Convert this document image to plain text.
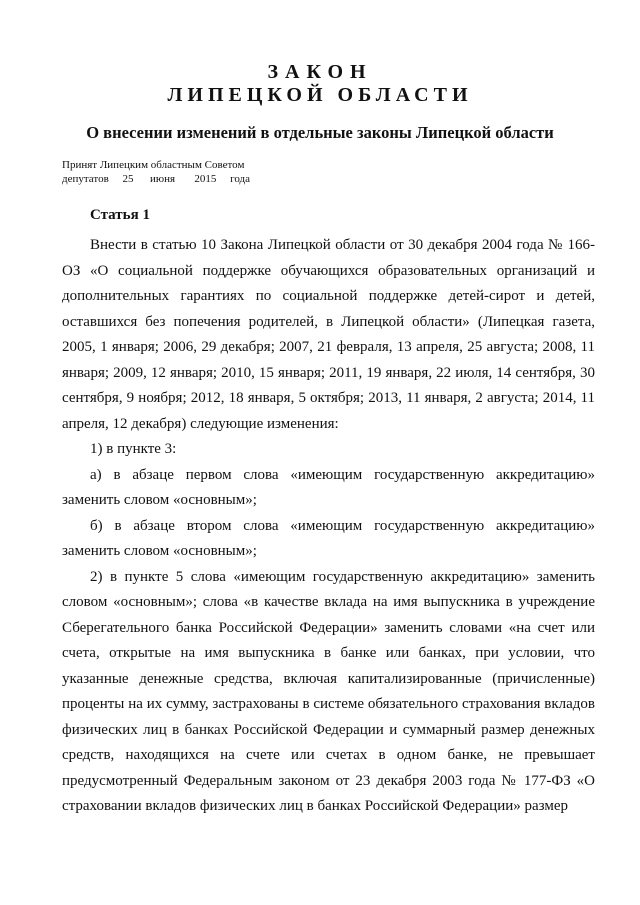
ЗАКОН
ЛИПЕЦКОЙ ОБЛАСТИ
О внесении изменений в отдельные законы Липецкой области
Принят Липецким областным Советом
депутатов 25 июня 2015 года
Статья 1

Внести в статью 10 Закона Липецкой области от 30 декабря 2004 года № 166-ОЗ «О социальной поддержке обучающихся образовательных организаций и дополнительных гарантиях по социальной поддержке детей-сирот и детей, оставшихся без попечения родителей, в Липецкой области» (Липецкая газета, 2005, 1 января; 2006, 29 декабря; 2007, 21 февраля, 13 апреля, 25 августа; 2008, 11 января; 2009, 12 января; 2010, 15 января; 2011, 19 января, 22 июля, 14 сентября, 30 сентября, 9 ноября; 2012, 18 января, 5 октября; 2013, 11 января, 2 августа; 2014, 11 апреля, 12 декабря) следующие изменения:

1) в пункте 3:

а) в абзаце первом слова «имеющим государственную аккредитацию» заменить словом «основным»;

б) в абзаце втором слова «имеющим государственную аккредитацию» заменить словом «основным»;

2) в пункте 5 слова «имеющим государственную аккредитацию» заменить словом «основным»; слова «в качестве вклада на имя выпускника в учреждение Сберегательного банка Российской Федерации» заменить словами «на счет или счета, открытые на имя выпускника в банке или банках, при условии, что указанные денежные средства, включая капитализированные (причисленные) проценты на их сумму, застрахованы в системе обязательного страхования вкладов физических лиц в банках Российской Федерации и суммарный размер денежных средств, находящихся на счете или счетах в одном банке, не превышает предусмотренный Федеральным законом от 23 декабря 2003 года № 177-ФЗ «О страховании вкладов физических лиц в банках Российской Федерации» размер
